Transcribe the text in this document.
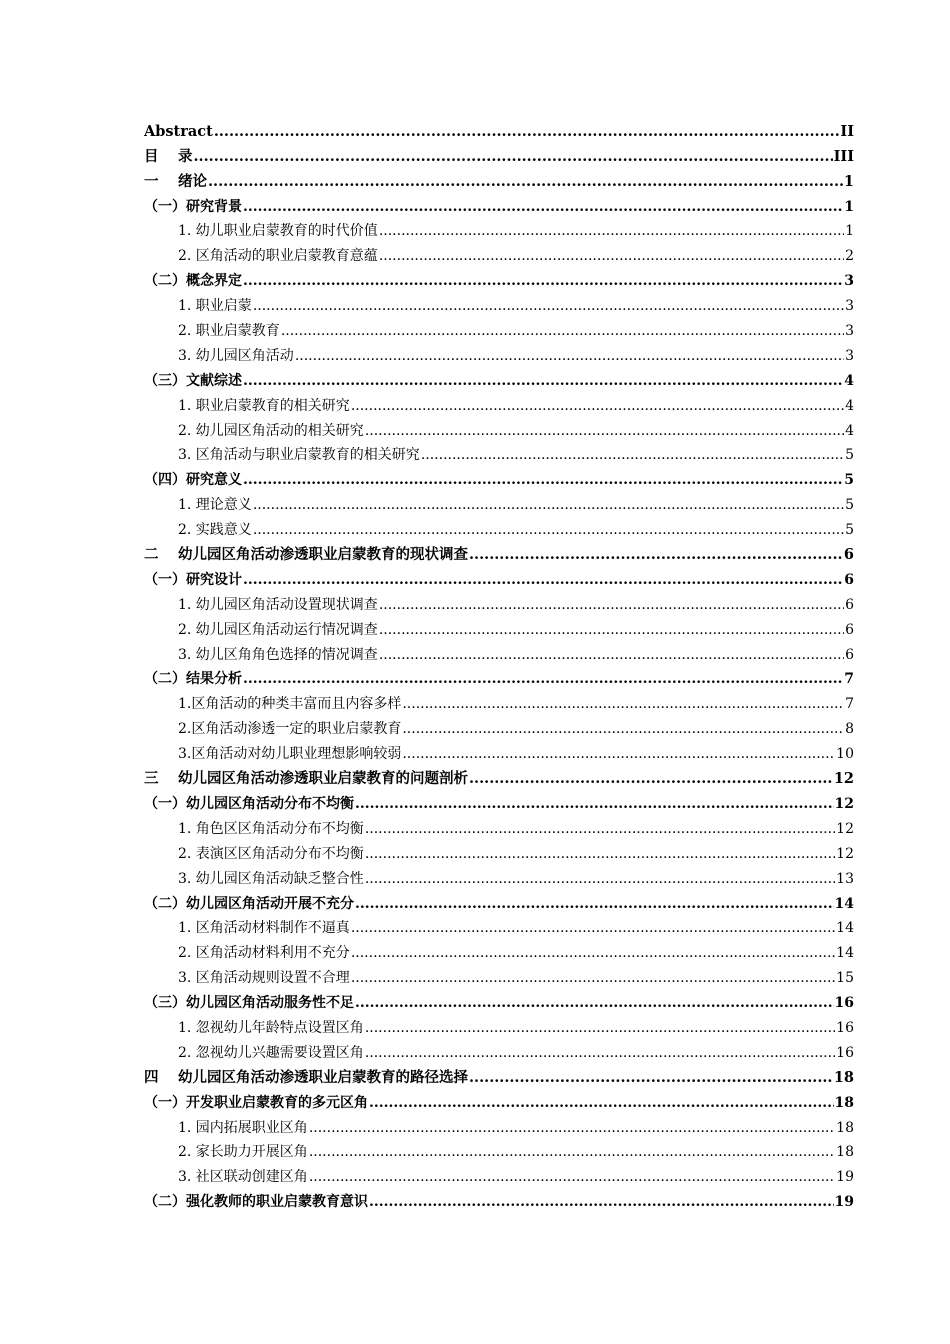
Abstract .....	II
目 录 .....	III
一 绪论 .....	1
（一）研究背景 .....	1
1. 幼儿职业启蒙教育的时代价值 .....	1
2. 区角活动的职业启蒙教育意蕴 .....	2
（二）概念界定 .....	3
1. 职业启蒙 .....	3
2. 职业启蒙教育 .....	3
3. 幼儿园区角活动 .....	3
（三）文献综述 .....	4
1. 职业启蒙教育的相关研究 .....	4
2. 幼儿园区角活动的相关研究 .....	4
3. 区角活动与职业启蒙教育的相关研究 .....	5
（四）研究意义 .....	5
1. 理论意义 .....	5
2. 实践意义 .....	5
二 幼儿园区角活动渗透职业启蒙教育的现状调查 .....	6
（一）研究设计 .....	6
1. 幼儿园区角活动设置现状调查 .....	6
2. 幼儿园区角活动运行情况调查 .....	6
3. 幼儿区角角色选择的情况调查 .....	6
（二）结果分析 .....	7
1.区角活动的种类丰富而且内容多样 .....	7
2.区角活动渗透一定的职业启蒙教育 .....	8
3.区角活动对幼儿职业理想影响较弱 .....	10
三 幼儿园区角活动渗透职业启蒙教育的问题剖析 .....	12
（一）幼儿园区角活动分布不均衡 .....	12
1. 角色区区角活动分布不均衡 .....	12
2. 表演区区角活动分布不均衡 .....	12
3. 幼儿园区角活动缺乏整合性 .....	13
（二）幼儿园区角活动开展不充分 .....	14
1. 区角活动材料制作不逼真 .....	14
2. 区角活动材料利用不充分 .....	14
3. 区角活动规则设置不合理 .....	15
（三）幼儿园区角活动服务性不足 .....	16
1. 忽视幼儿年龄特点设置区角 .....	16
2. 忽视幼儿兴趣需要设置区角 .....	16
四 幼儿园区角活动渗透职业启蒙教育的路径选择 .....	18
（一）开发职业启蒙教育的多元区角 .....	18
1. 园内拓展职业区角 .....	18
2. 家长助力开展区角 .....	18
3. 社区联动创建区角 .....	19
（二）强化教师的职业启蒙教育意识 .....	19
